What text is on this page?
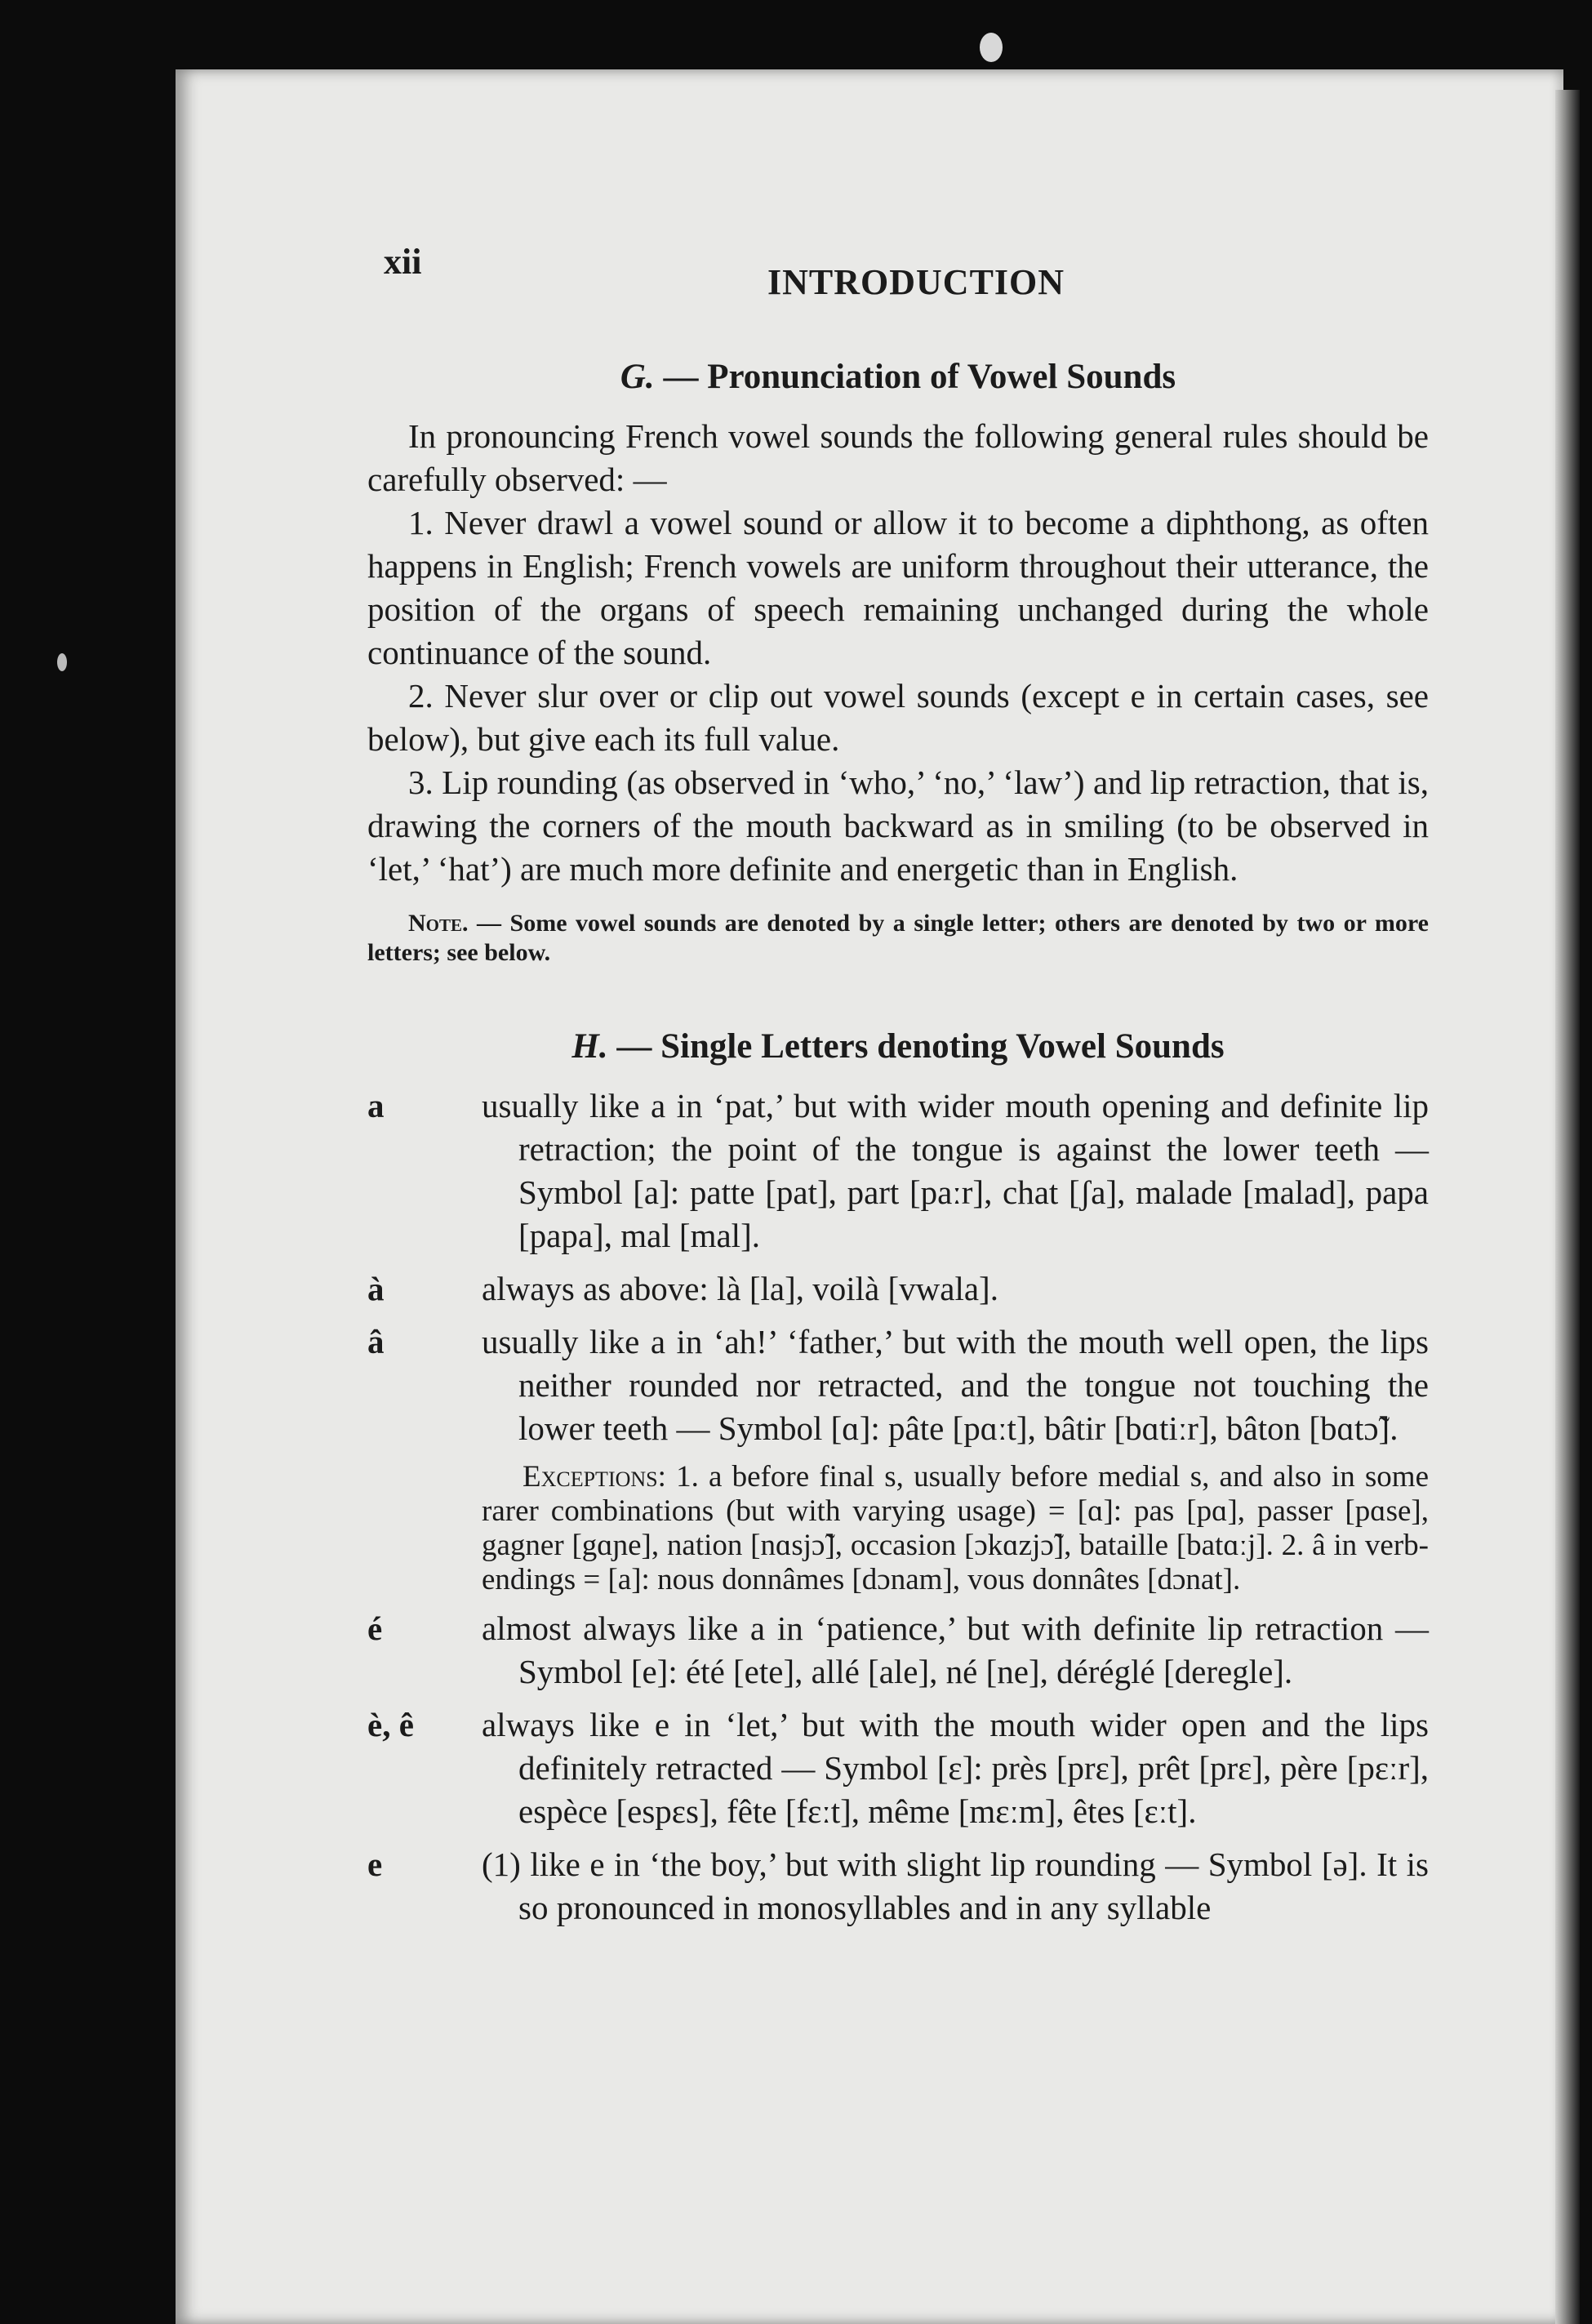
xii
INTRODUCTION
G. — Pronunciation of Vowel Sounds

In pronouncing French vowel sounds the following general rules should be carefully observed: —

1. Never drawl a vowel sound or allow it to become a diphthong, as often happens in English; French vowels are uniform throughout their utterance, the position of the organs of speech remaining unchanged during the whole continuance of the sound.

2. Never slur over or clip out vowel sounds (except e in certain cases, see below), but give each its full value.

3. Lip rounding (as observed in ‘who,’ ‘no,’ ‘law’) and lip retraction, that is, drawing the corners of the mouth backward as in smiling (to be observed in ‘let,’ ‘hat’) are much more definite and energetic than in English.

Note. — Some vowel sounds are denoted by a single letter; others are denoted by two or more letters; see below.

H. — Single Letters denoting Vowel Sounds
a	usually like a in ‘pat,’ but with wider mouth opening and definite lip retraction; the point of the tongue is against the lower teeth — Symbol [a]: patte [pat], part [paːr], chat [ʃa], malade [malad], papa [papa], mal [mal].
à	always as above: là [la], voilà [vwala].
â	usually like a in ‘ah!’ ‘father,’ but with the mouth well open, the lips neither rounded nor retracted, and the tongue not touching the lower teeth — Symbol [ɑ]: pâte [pɑːt], bâtir [bɑtiːr], bâton [bɑtɔ̃].

Exceptions: 1. a before final s, usually before medial s, and also in some rarer combinations (but with varying usage) = [ɑ]: pas [pɑ], passer [pɑse], gagner [gɑɲe], nation [nɑsjɔ̃], occasion [ɔkɑzjɔ̃], bataille [batɑːj]. 2. â in verb-endings = [a]: nous donnâmes [dɔnam], vous donnâtes [dɔnat].

é	almost always like a in ‘patience,’ but with definite lip retraction — Symbol [e]: été [ete], allé [ale], né [ne], déréglé [deregle].
è, ê	always like e in ‘let,’ but with the mouth wider open and the lips definitely retracted — Symbol [ɛ]: près [prɛ], prêt [prɛ], père [pɛːr], espèce [espɛs], fête [fɛːt], même [mɛːm], êtes [ɛːt].
e	(1) like e in ‘the boy,’ but with slight lip rounding — Symbol [ə]. It is so pronounced in monosyllables and in any syllable
